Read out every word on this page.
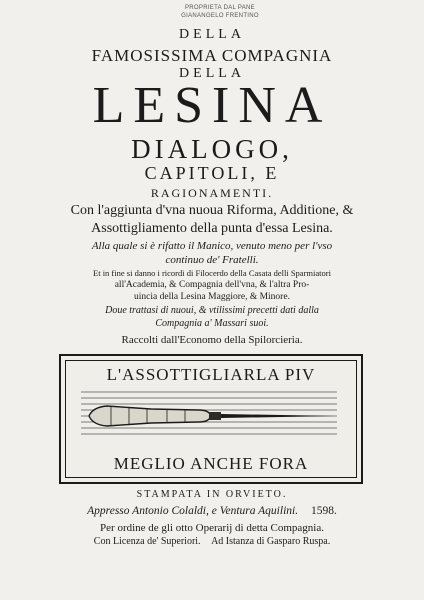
PROPRIETA DAL PANE
GIANANGELO FRENTINO
DELLA
FAMOSISSIMA COMPAGNIA
DELLA
LESINA
DIALOGO,
CAPITOLI, E
RAGIONAMENTI.
Con l'aggiunta d'vna nuoua Riforma, Additione, &
Assottigliamento della punta d'essa Lesina.
Alla quale si è rifatto il Manico, venuto meno per l'vso
continuo de' Fratelli.
Et in fine si danno i ricordi di Filocerdo della Casata delli Sparmiatori
all'Academia, & Compagnia dell'vna, & l'altra Pro-
uincia della Lesina Maggiore, & Minore.
Doue trattasi di nuoui, & vtilissimi precetti dati dalla
Compagnia a' Massari suoi.
Raccolti dall'Economo della Spilorcieria.
L'ASSOTTIGLIARLA PIV
MEGLIO ANCHE FORA
STAMPATA IN ORVIETO.
Appresso Antonio Colaldi, e Ventura Aquilini. 1598.
Per ordine de gli otto Operarij di detta Compagnia.
Con Licenza de' Superiori. Ad Istanza di Gasparo Ruspa.
